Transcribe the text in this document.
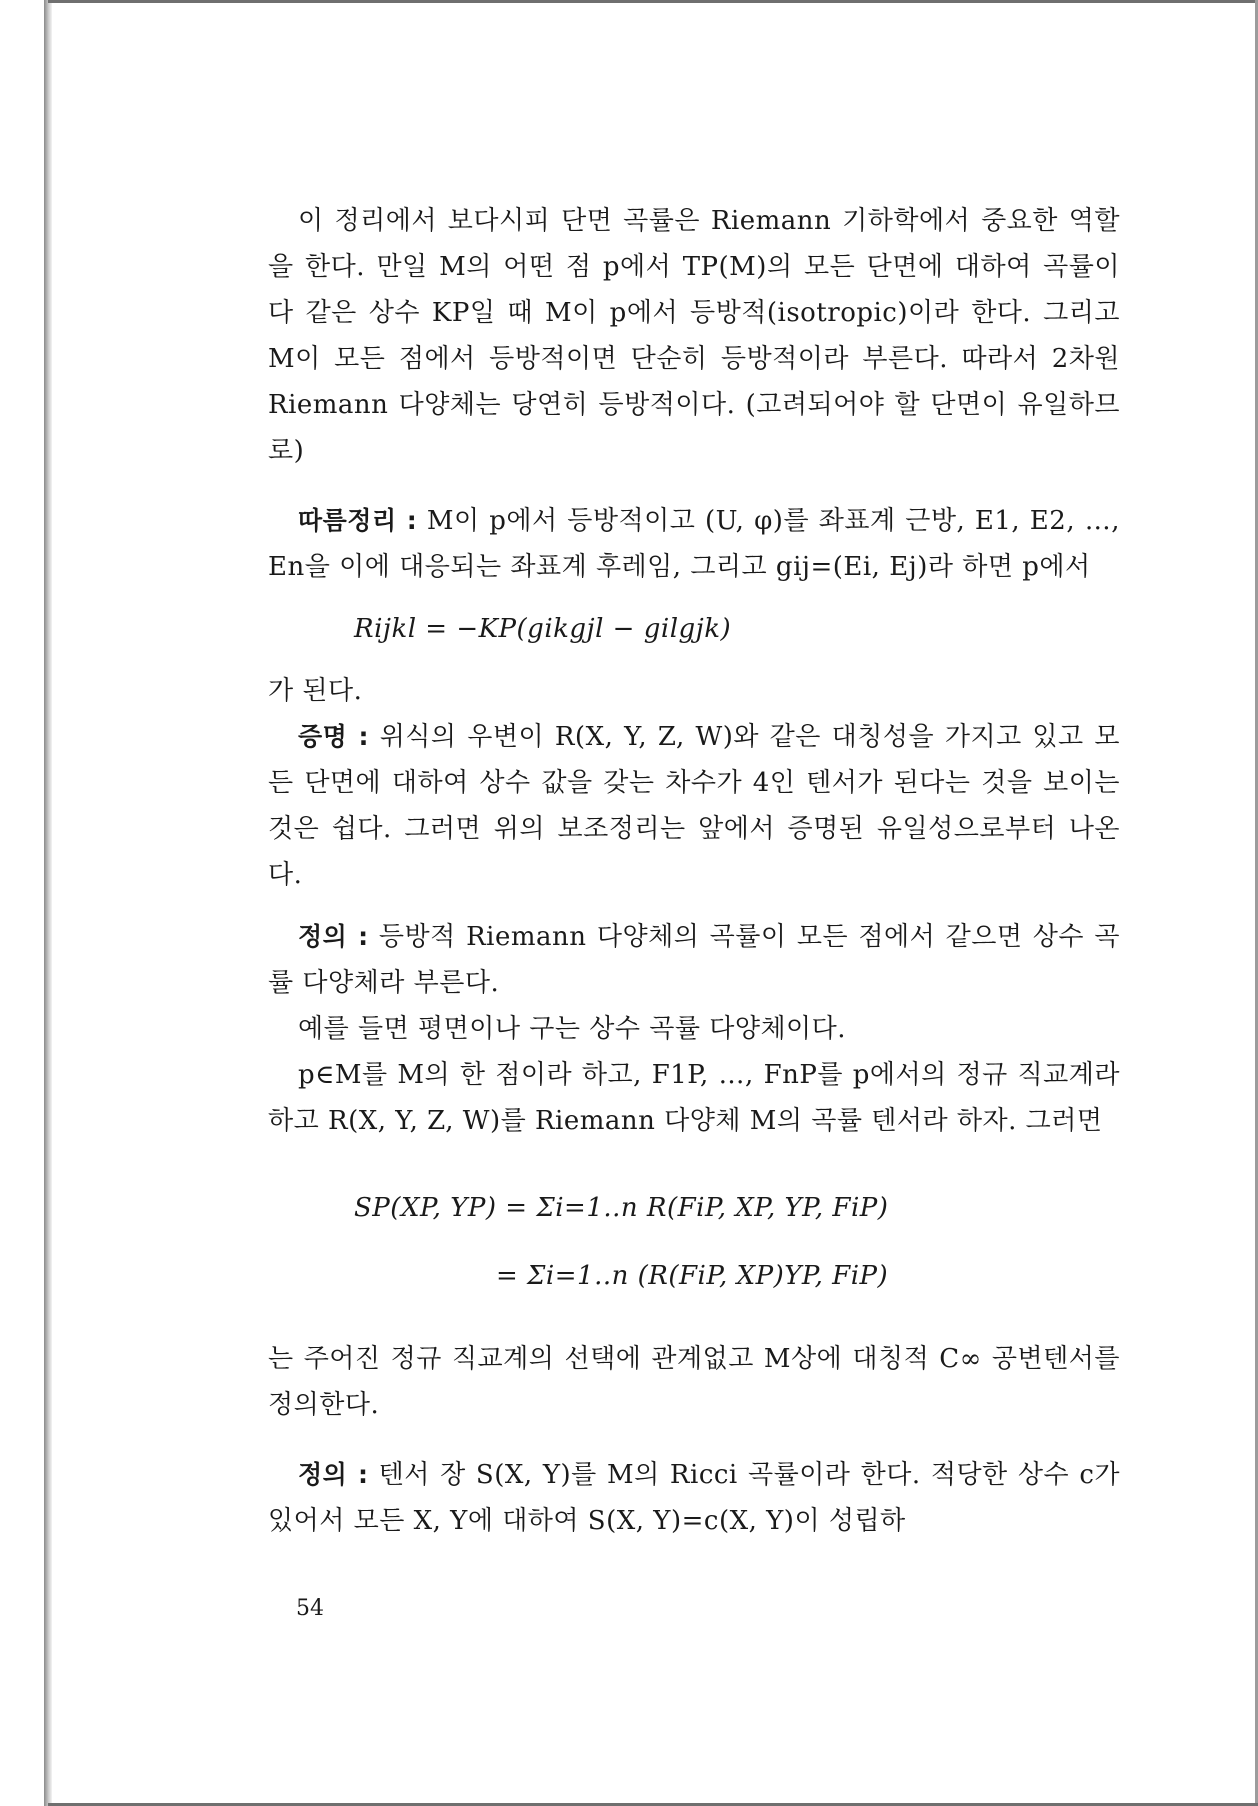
이 정리에서 보다시피 단면 곡률은 Riemann 기하학에서 중요한 역할을 한다. 만일 M의 어떤 점 p에서 TP(M)의 모든 단면에 대하여 곡률이 다 같은 상수 KP일 때 M이 p에서 등방적(isotropic)이라 한다. 그리고 M이 모든 점에서 등방적이면 단순히 등방적이라 부른다. 따라서 2차원 Riemann 다양체는 당연히 등방적이다. (고려되어야 할 단면이 유일하므로)

따름정리 : M이 p에서 등방적이고 (U, φ)를 좌표계 근방, E1, E2, …, En을 이에 대응되는 좌표계 후레임, 그리고 gij=(Ei, Ej)라 하면 p에서

Rijkl = −KP(gikgjl − gilgjk)

가 된다.

증명 : 위식의 우변이 R(X, Y, Z, W)와 같은 대칭성을 가지고 있고 모든 단면에 대하여 상수 값을 갖는 차수가 4인 텐서가 된다는 것을 보이는 것은 쉽다. 그러면 위의 보조정리는 앞에서 증명된 유일성으로부터 나온다.

정의 : 등방적 Riemann 다양체의 곡률이 모든 점에서 같으면 상수 곡률 다양체라 부른다.

예를 들면 평면이나 구는 상수 곡률 다양체이다.

p∈M를 M의 한 점이라 하고, F1P, …, FnP를 p에서의 정규 직교계라 하고 R(X, Y, Z, W)를 Riemann 다양체 M의 곡률 텐서라 하자. 그러면

SP(XP, YP) = Σi=1..n R(FiP, XP, YP, FiP)
= Σi=1..n (R(FiP, XP)YP, FiP)

는 주어진 정규 직교계의 선택에 관계없고 M상에 대칭적 C∞ 공변텐서를 정의한다.

정의 : 텐서 장 S(X, Y)를 M의 Ricci 곡률이라 한다. 적당한 상수 c가 있어서 모든 X, Y에 대하여 S(X, Y)=c(X, Y)이 성립하

54
